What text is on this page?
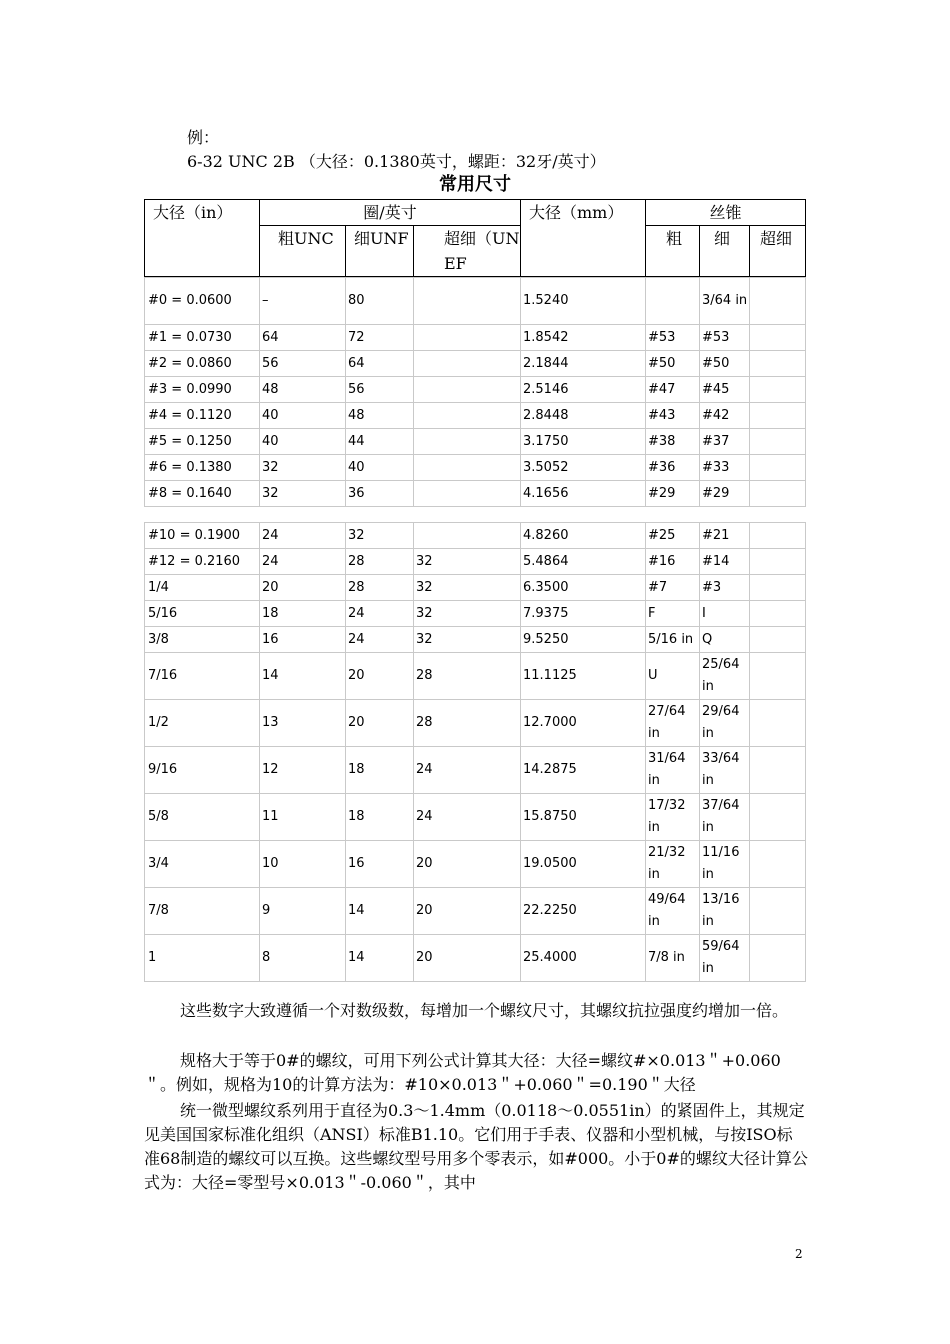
例：
6-32 UNC 2B （大径：0.1380英寸，螺距：32牙/英寸）
常用尺寸
大径（in）	圈/英寸			大径（mm）	丝锥		
	粗UNC	细UNF	超细（UNEF		粗	细	超细
#0 = 0.0600	–	80		1.5240		3/64 in	
#1 = 0.0730	64	72		1.8542	#53	#53	
#2 = 0.0860	56	64		2.1844	#50	#50	
#3 = 0.0990	48	56		2.5146	#47	#45	
#4 = 0.1120	40	48		2.8448	#43	#42	
#5 = 0.1250	40	44		3.1750	#38	#37	
#6 = 0.1380	32	40		3.5052	#36	#33	
#8 = 0.1640	32	36		4.1656	#29	#29	
#10 = 0.1900	24	32		4.8260	#25	#21	
#12 = 0.2160	24	28	32	5.4864	#16	#14	
1/4	20	28	32	6.3500	#7	#3	
5/16	18	24	32	7.9375	F	I	
3/8	16	24	32	9.5250	5/16 in	Q	
7/16	14	20	28	11.1125	U	25/64 in	
1/2	13	20	28	12.7000	27/64 in	29/64 in	
9/16	12	18	24	14.2875	31/64 in	33/64 in	
5/8	11	18	24	15.8750	17/32 in	37/64 in	
3/4	10	16	20	19.0500	21/32 in	11/16 in	
7/8	9	14	20	22.2250	49/64 in	13/16 in	
1	8	14	20	25.4000	7/8 in	59/64 in	
这些数字大致遵循一个对数级数，每增加一个螺纹尺寸，其螺纹抗拉强度约增加一倍。
规格大于等于0#的螺纹，可用下列公式计算其大径：大径=螺纹#×0.013＂+0.060＂。例如，规格为10的计算方法为：#10×0.013＂+0.060＂=0.190＂大径
统一微型螺纹系列用于直径为0.3～1.4mm（0.0118～0.0551in）的紧固件上，其规定见美国国家标准化组织（ANSI）标准B1.10。它们用于手表、仪器和小型机械，与按ISO标准68制造的螺纹可以互换。这些螺纹型号用多个零表示，如#000。小于0#的螺纹大径计算公式为：大径=零型号×0.013＂-0.060＂，其中
2
